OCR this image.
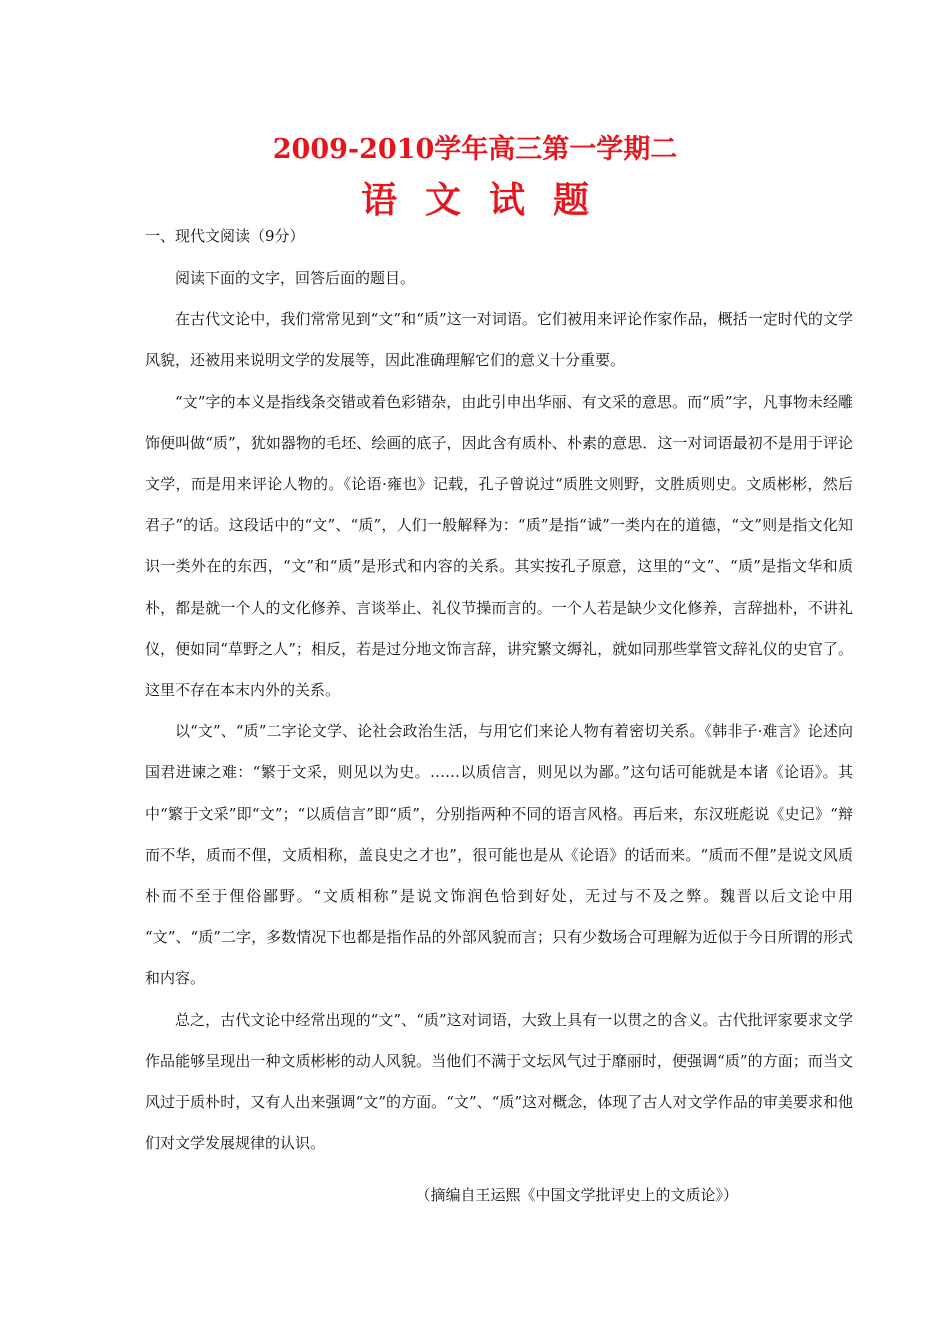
2009-2010学年高三第一学期二
语文试题
一、现代文阅读（9分）

阅读下面的文字，回答后面的题目。

在古代文论中，我们常常见到“文”和“质”这一对词语。它们被用来评论作家作品，概括一定时代的文学风貌，还被用来说明文学的发展等，因此准确理解它们的意义十分重要。

“文”字的本义是指线条交错或着色彩错杂，由此引申出华丽、有文采的意思。而“质”字，凡事物未经雕饰便叫做“质”，犹如器物的毛坯、绘画的底子，因此含有质朴、朴素的意思．这一对词语最初不是用于评论文学，而是用来评论人物的。《论语·雍也》记载，孔子曾说过“质胜文则野，文胜质则史。文质彬彬，然后君子”的话。这段话中的“文”、“质”，人们一般解释为：“质”是指“诚”一类内在的道德，“文”则是指文化知识一类外在的东西，“文”和“质”是形式和内容的关系。其实按孔子原意，这里的“文”、“质”是指文华和质朴，都是就一个人的文化修养、言谈举止、礼仪节操而言的。一个人若是缺少文化修养，言辞拙朴，不讲礼仪，便如同“草野之人”；相反，若是过分地文饰言辞，讲究繁文缛礼，就如同那些掌管文辞礼仪的史官了。这里不存在本末内外的关系。

以“文”、“质”二字论文学、论社会政治生活，与用它们来论人物有着密切关系。《韩非子·难言》论述向国君进谏之难：“繁于文采，则见以为史。……以质信言，则见以为鄙。”这句话可能就是本诸《论语》。其中“繁于文采”即“文”；“以质信言”即“质”，分别指两种不同的语言风格。再后来，东汉班彪说《史记》“辩而不华，质而不俚，文质相称，盖良史之才也”，很可能也是从《论语》的话而来。“质而不俚”是说文风质朴而不至于俚俗鄙野。“文质相称”是说文饰润色恰到好处，无过与不及之弊。魏晋以后文论中用 “文”、“质”二字，多数情况下也都是指作品的外部风貌而言；只有少数场合可理解为近似于今日所谓的形式和内容。

总之，古代文论中经常出现的“文”、“质”这对词语，大致上具有一以贯之的含义。古代批评家要求文学作品能够呈现出一种文质彬彬的动人风貌。当他们不满于文坛风气过于靡丽时，便强调“质”的方面；而当文风过于质朴时，又有人出来强调“文”的方面。“文”、“质”这对概念，体现了古人对文学作品的审美要求和他们对文学发展规律的认识。

（摘编自王运熙《中国文学批评史上的文质论》）
